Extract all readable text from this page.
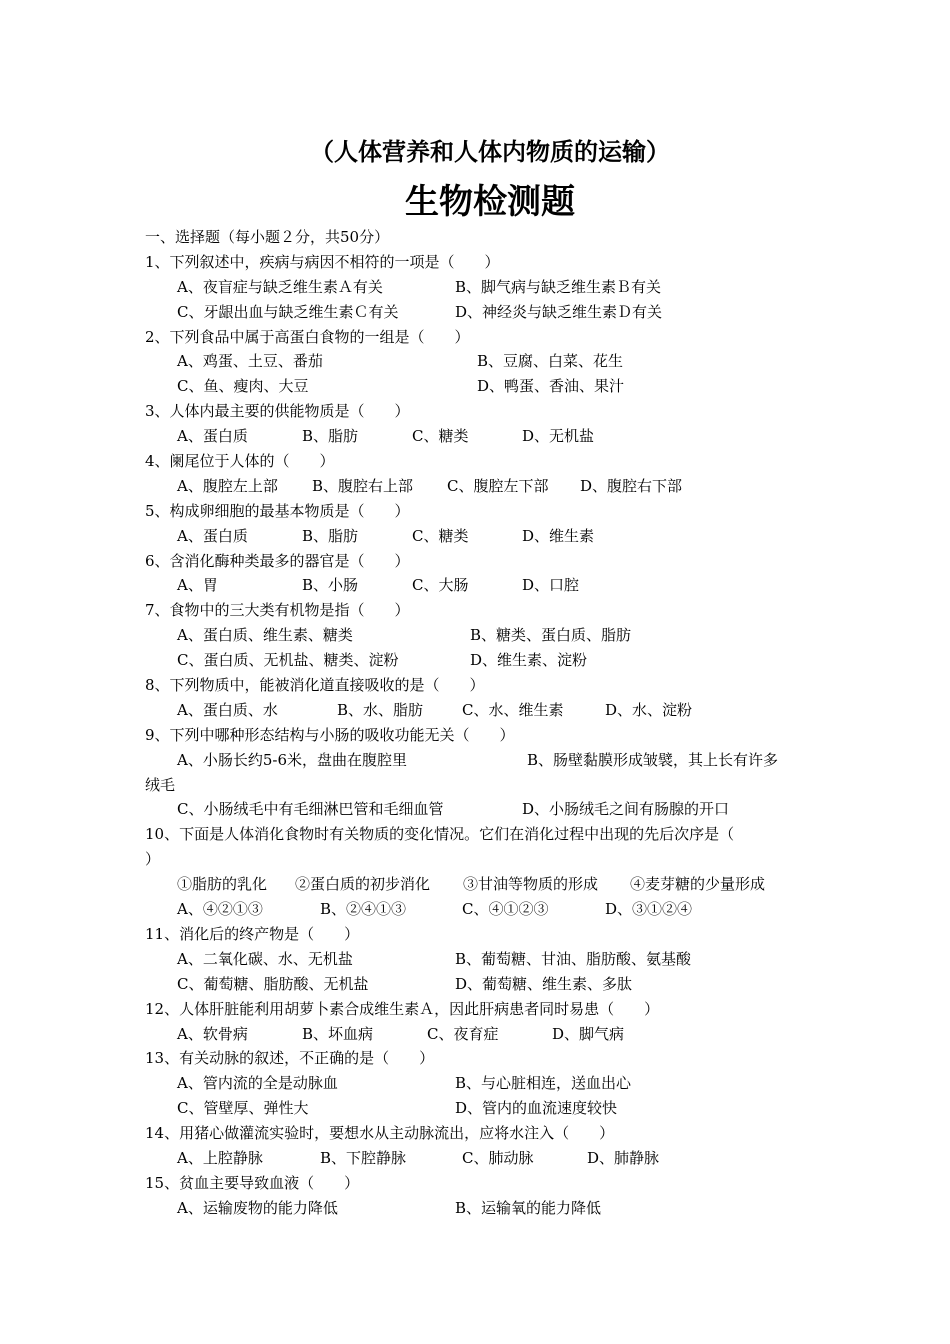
（人体营养和人体内物质的运输）
生物检测题
一、选择题（每小题２分，共50分）
1、下列叙述中，疾病与病因不相符的一项是（　　）
A、夜盲症与缺乏维生素Ａ有关	B、脚气病与缺乏维生素Ｂ有关
C、牙龈出血与缺乏维生素Ｃ有关	D、神经炎与缺乏维生素Ｄ有关
2、下列食品中属于高蛋白食物的一组是（　　）
A、鸡蛋、土豆、番茄	B、豆腐、白菜、花生
C、鱼、瘦肉、大豆	D、鸭蛋、香油、果汁
3、人体内最主要的供能物质是（　　）
A、蛋白质	B、脂肪	C、糖类	D、无机盐
4、阑尾位于人体的（　　）
A、腹腔左上部 B、腹腔右上部 C、腹腔左下部 D、腹腔右下部
5、构成卵细胞的最基本物质是（　　）
A、蛋白质	B、脂肪	C、糖类	D、维生素
6、含消化酶种类最多的器官是（　　）
A、胃	B、小肠	C、大肠	D、口腔
7、食物中的三大类有机物是指（　　）
A、蛋白质、维生素、糖类	B、糖类、蛋白质、脂肪
C、蛋白质、无机盐、糖类、淀粉	D、维生素、淀粉
8、下列物质中，能被消化道直接吸收的是（　　）
A、蛋白质、水	B、水、脂肪	C、水、维生素	D、水、淀粉
9、下列中哪种形态结构与小肠的吸收功能无关（　　）
A、小肠长约5-6米，盘曲在腹腔里	B、肠壁黏膜形成皱襞，其上长有许多
绒毛
C、小肠绒毛中有毛细淋巴管和毛细血管	D、小肠绒毛之间有肠腺的开口
10、下面是人体消化食物时有关物质的变化情况。它们在消化过程中出现的先后次序是（
）
①脂肪的乳化 ②蛋白质的初步消化 ③甘油等物质的形成 ④麦芽糖的少量形成
A、④②①③	B、②④①③	C、④①②③	D、③①②④
11、消化后的终产物是（　　）
A、二氧化碳、水、无机盐	B、葡萄糖、甘油、脂肪酸、氨基酸
C、葡萄糖、脂肪酸、无机盐	D、葡萄糖、维生素、多肽
12、人体肝脏能利用胡萝卜素合成维生素Ａ，因此肝病患者同时易患（　　）
A、软骨病	B、坏血病	C、夜育症	D、脚气病
13、有关动脉的叙述，不正确的是（　　）
A、管内流的全是动脉血	B、与心脏相连，送血出心
C、管壁厚、弹性大	D、管内的血流速度较快
14、用猪心做灌流实验时，要想水从主动脉流出，应将水注入（　　）
A、上腔静脉	B、下腔静脉	C、肺动脉	D、肺静脉
15、贫血主要导致血液（　　）
A、运输废物的能力降低	B、运输氧的能力降低
